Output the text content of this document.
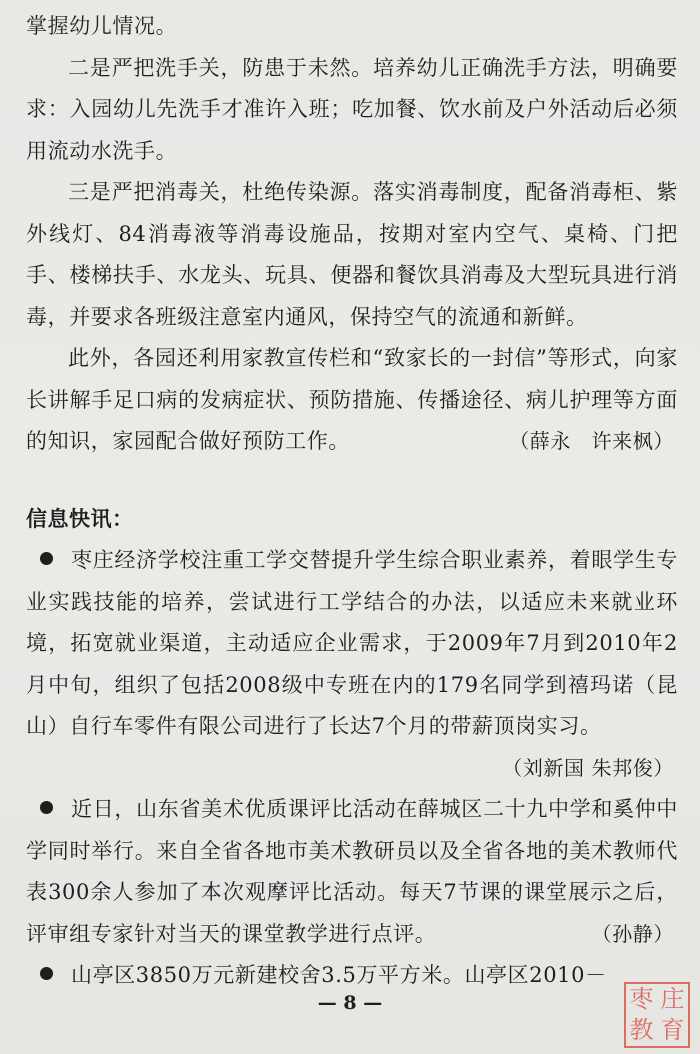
掌握幼儿情况。

二是严把洗手关，防患于未然。培养幼儿正确洗手方法，明确要求：入园幼儿先洗手才准许入班；吃加餐、饮水前及户外活动后必须用流动水洗手。

三是严把消毒关，杜绝传染源。落实消毒制度，配备消毒柜、紫外线灯、84消毒液等消毒设施品，按期对室内空气、桌椅、门把手、楼梯扶手、水龙头、玩具、便器和餐饮具消毒及大型玩具进行消毒，并要求各班级注意室内通风，保持空气的流通和新鲜。

此外，各园还利用家教宣传栏和“致家长的一封信”等形式，向家长讲解手足口病的发病症状、预防措施、传播途径、病儿护理等方面的知识，家园配合做好预防工作。	（薛永　许来枫）

信息快讯：

枣庄经济学校注重工学交替提升学生综合职业素养，着眼学生专业实践技能的培养，尝试进行工学结合的办法，以适应未来就业环境，拓宽就业渠道，主动适应企业需求，于2009年7月到2010年2月中旬，组织了包括2008级中专班在内的179名同学到禧玛诺（昆山）自行车零件有限公司进行了长达7个月的带薪顶岗实习。

（刘新国 朱邦俊）

近日，山东省美术优质课评比活动在薛城区二十九中学和奚仲中学同时举行。来自全省各地市美术教研员以及全省各地的美术教师代表300余人参加了本次观摩评比活动。每天7节课的课堂展示之后，评审组专家针对当天的课堂教学进行点评。	（孙静）

山亭区3850万元新建校舍3.5万平方米。山亭区2010－

— 8 —	枣 庄
教 育
